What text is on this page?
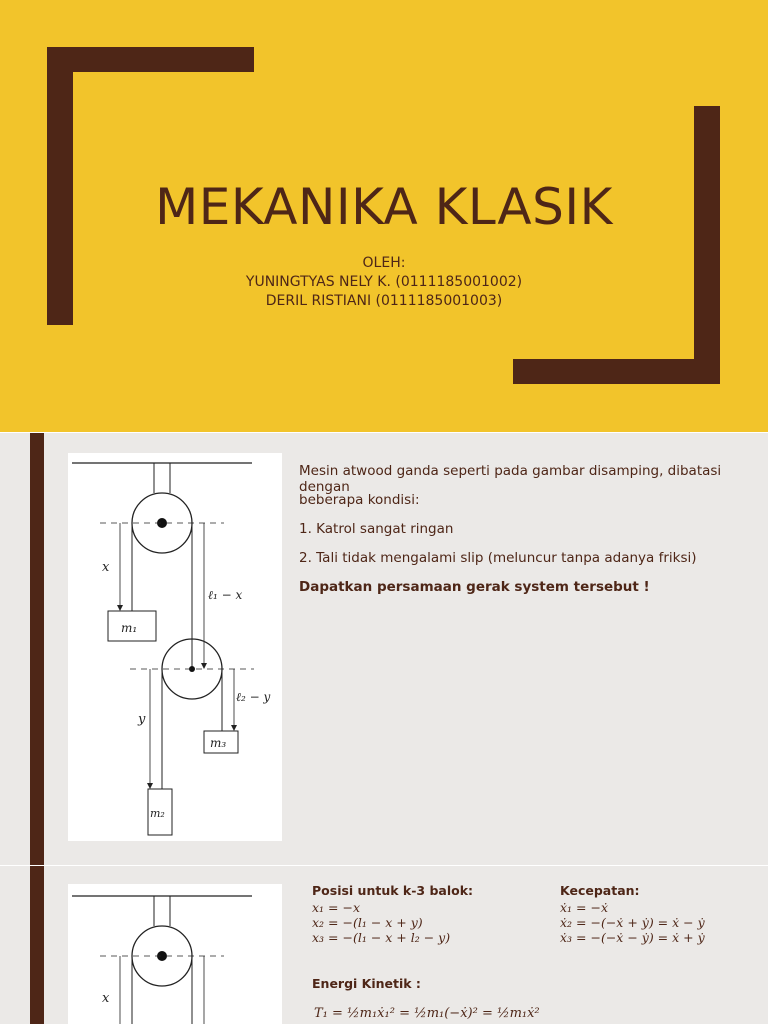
MEKANIKA KLASIK
OLEH:
YUNINGTYAS NELY K. (0111185001002)
DERIL RISTIANI (0111185001003)
x
ℓ₁ − x
m₁
y
ℓ₂ − y
m₃
m₂
Mesin atwood ganda seperti pada gambar disamping, dibatasi dengan
beberapa kondisi:
1. Katrol sangat ringan
2. Tali tidak mengalami slip (meluncur tanpa adanya friksi)
Dapatkan persamaan gerak system tersebut !
x
Posisi untuk k-3 balok:
x₁ = −x
x₂ = −(l₁ − x + y)
x₃ = −(l₁ − x + l₂ − y)
Kecepatan:
ẋ₁ = −ẋ
ẋ₂ = −(−ẋ + ẏ) = ẋ − ẏ
ẋ₃ = −(−ẋ − ẏ) = ẋ + ẏ
Energi Kinetik :
T₁ = ½m₁ẋ₁² = ½m₁(−ẋ)² = ½m₁ẋ²
